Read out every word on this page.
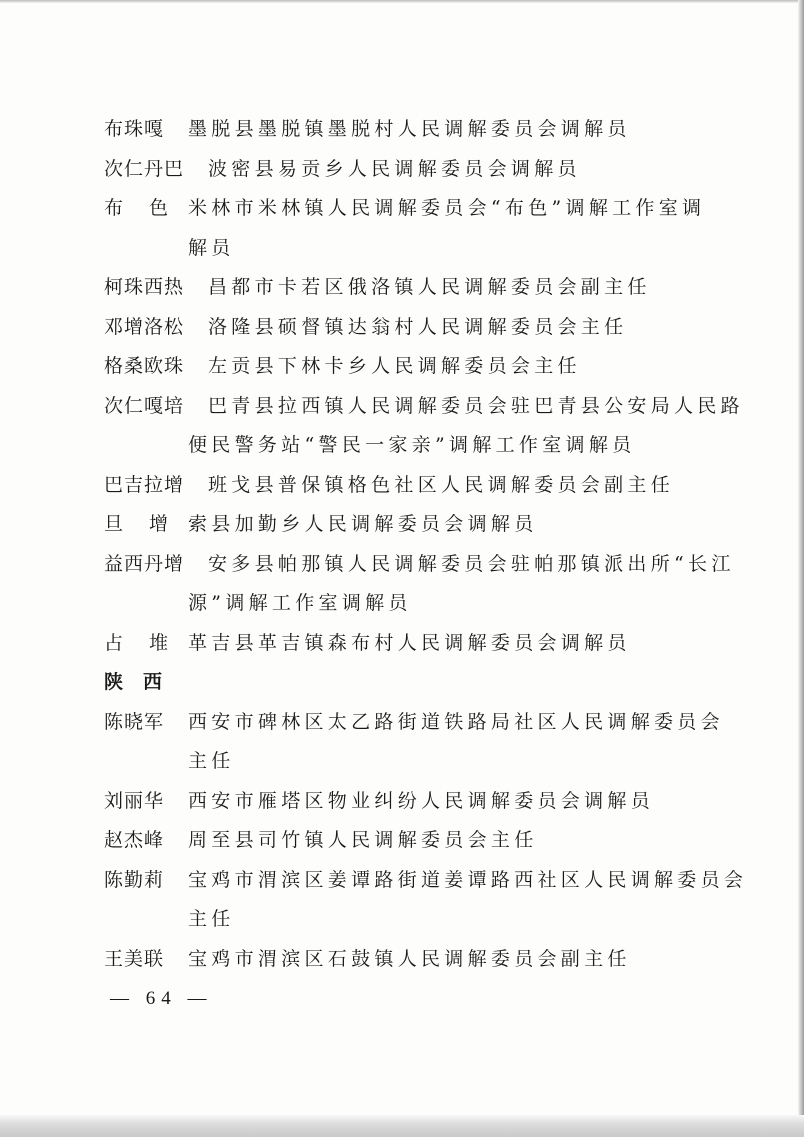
布珠嘎 墨脱县墨脱镇墨脱村人民调解委员会调解员
次仁丹巴 波密县易贡乡人民调解委员会调解员
布色
米林市米林镇人民调解委员会“布色”调解工作室调
解员
柯珠西热 昌都市卡若区俄洛镇人民调解委员会副主任
邓增洛松 洛隆县硕督镇达翁村人民调解委员会主任
格桑欧珠 左贡县下林卡乡人民调解委员会主任
次仁嘎培 巴青县拉西镇人民调解委员会驻巴青县公安局人民路
便民警务站“警民一家亲”调解工作室调解员
巴吉拉增 班戈县普保镇格色社区人民调解委员会副主任
旦增
索县加勤乡人民调解委员会调解员
益西丹增 安多县帕那镇人民调解委员会驻帕那镇派出所“长江
源”调解工作室调解员
占堆
革吉县革吉镇森布村人民调解委员会调解员
陕西
陈晓军 西安市碑林区太乙路街道铁路局社区人民调解委员会
主任
刘丽华 西安市雁塔区物业纠纷人民调解委员会调解员
赵杰峰 周至县司竹镇人民调解委员会主任
陈勤莉 宝鸡市渭滨区姜谭路街道姜谭路西社区人民调解委员会
主任
王美联 宝鸡市渭滨区石鼓镇人民调解委员会副主任
— 64 —
